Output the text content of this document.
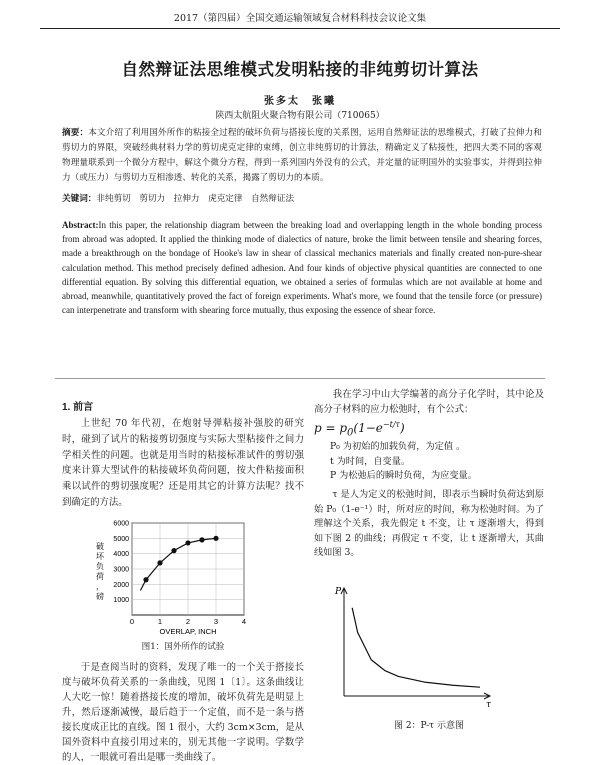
2017（第四届）全国交通运输领域复合材料科技会议论文集
自然辩证法思维模式发明粘接的非纯剪切计算法
张多太　张曦
陕西太航阻火聚合物有限公司（710065）
摘要：本文介绍了利用国外所作的粘接全过程的破坏负荷与搭接长度的关系图，运用自然辩证法的思维模式，打破了拉伸力和剪切力的界限，突破经典材料力学的剪切虎克定律的束缚，创立非纯剪切的计算法，精确定义了粘接性，把四大类不同的客观物理量联系到一个微分方程中，解这个微分方程，得到一系列国内外没有的公式，并定量的证明国外的实验事实，并得到拉伸力（或压力）与剪切力互相渗透、转化的关系，揭露了剪切力的本质。
关键词：非纯剪切　剪切力　拉伸力　虎克定律　自然辩证法
Abstract:In this paper, the relationship diagram between the breaking load and overlapping length in the whole bonding process from abroad was adopted. It applied the thinking mode of dialectics of nature, broke the limit between tensile and shearing forces, made a breakthrough on the bondage of Hooke's law in shear of classical mechanics materials and finally created non-pure-shear calculation method. This method precisely defined adhesion. And four kinds of objective physical quantities are connected to one differential equation. By solving this differential equation, we obtained a series of formulas which are not available at home and abroad, meanwhile, quantitatively proved the fact of foreign experiments. What's more, we found that the tensile force (or pressure) can interpenetrate and transform with shearing force mutually, thus exposing the essence of shear force.
1. 前言
上世纪 70 年代初，在炮射导弹粘接补强胶的研究时，碰到了试片的粘接剪切强度与实际大型粘接件之间力学相关性的问题。也就是用当时的粘接标准试件的剪切强度来计算大型试件的粘接破坏负荷问题，按大件粘接面积乘以试件的剪切强度呢？还是用其它的计算方法呢？找不到确定的方法。
1000
2000
3000
4000
5000
6000
0	1	2	3	4
OVERLAP, INCH
破
坏
负
荷
，
磅
图1：国外所作的试验
于是查阅当时的资料，发现了唯一的一个关于搭接长度与破坏负荷关系的一条曲线，见图 1〔1〕。这条曲线让人大吃一惊！随着搭接长度的增加，破坏负荷先是明显上升，然后逐渐减慢，最后趋于一个定值，而不是一条与搭接长度成正比的直线。图 1 很小，大约 3cm×3cm，是从国外资料中直接引用过来的，别无其他一字说明。学数学的人，一眼就可看出是哪一类曲线了。
我在学习中山大学编著的高分子化学时，其中论及高分子材料的应力松弛时，有个公式：
$p = p_0(1-e^{-t/\tau})$
P₀ 为初始的加载负荷，为定值 。
t 为时间，自变量。
P 为松弛后的瞬时负荷，为应变量。
τ 是人为定义的松弛时间，即表示当瞬时负荷达到原始 P₀（1-e⁻¹）时，所对应的时间，称为松弛时间。为了理解这个关系，我先假定 t 不变，让 τ 逐渐增大，得到如下图 2 的曲线；再假定 τ 不变，让 t 逐渐增大，其曲线如图 3。
P
τ
图 2：P-τ 示意图
